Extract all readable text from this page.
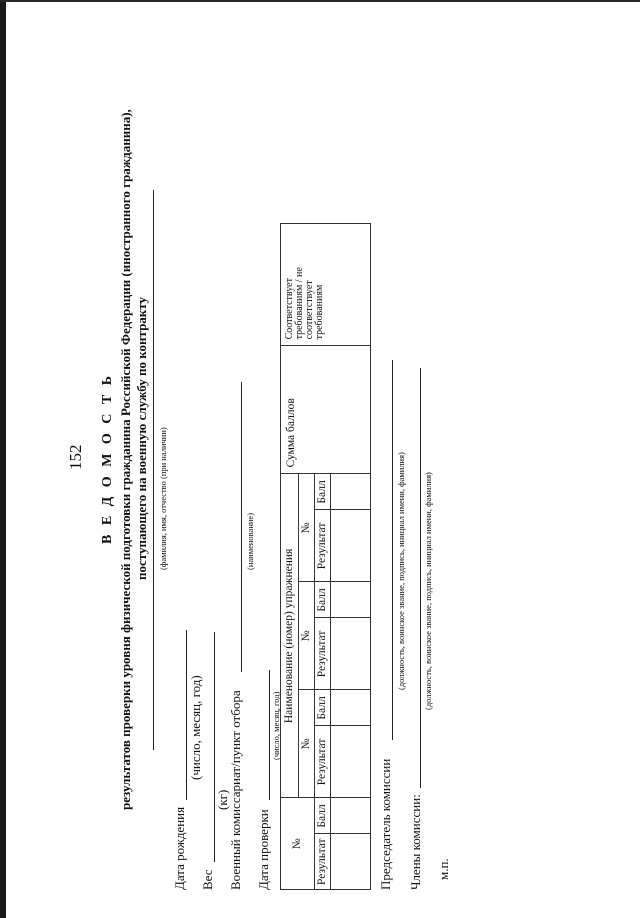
152 В Е Д О М О С Т Ь результатов проверки уровня физической подготовки гражданина Российской Федерации (иностранного гражданина), поступающего на военную службу по контракту (фамилия, имя, отчество (при наличии)
Дата рождения
(число, месяц, год)
Вес
(кг)
Военный комиссариат/пункт отбора
(наименование)
Дата проверки
(число, месяц, год)
№		Наименование (номер) упражнения						Сумма баллов	Соответствует требованиям / не соответствует требованиям
		№		№		№			
Результат	Балл	Результат	Балл	Результат	Балл	Результат	Балл		

Председатель комиссии
(должность, воинское звание, подпись, инициал имени, фамилия)
Члены комиссии:
(должность, воинское звание, подпись, инициал имени, фамилия)
м.п.
